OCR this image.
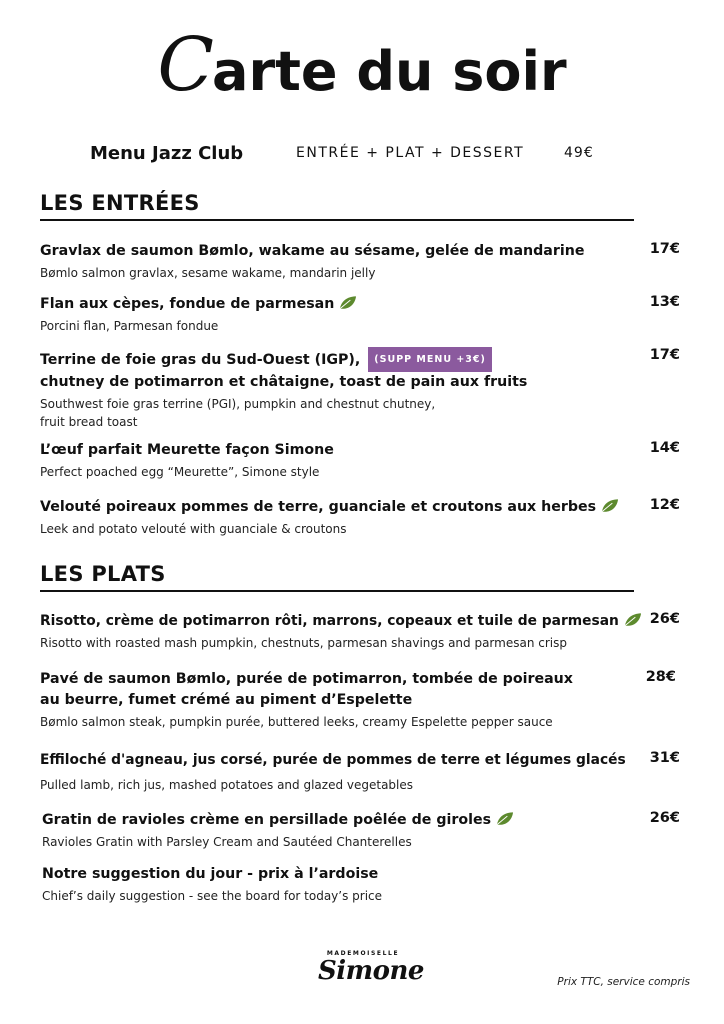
Carte du soir
Menu Jazz Club	ENTRÉE + PLAT + DESSERT	49€
LES ENTRÉES
Gravlax de saumon Bømlo, wakame au sésame, gelée de mandarine
Bømlo salmon gravlax, sesame wakame, mandarin jelly
17€
Flan aux cèpes, fondue de parmesan
Porcini flan, Parmesan fondue
13€
Terrine de foie gras du Sud-Ouest (IGP), (SUPP MENU +3€)
chutney de potimarron et châtaigne, toast de pain aux fruits
Southwest foie gras terrine (PGI), pumpkin and chestnut chutney,
fruit bread toast
17€
L’œuf parfait Meurette façon Simone
Perfect poached egg “Meurette”, Simone style
14€
Velouté poireaux pommes de terre, guanciale et croutons aux herbes
Leek and potato velouté with guanciale & croutons
12€
LES PLATS
Risotto, crème de potimarron rôti, marrons, copeaux et tuile de parmesan
Risotto with roasted mash pumpkin, chestnuts, parmesan shavings and parmesan crisp
26€
Pavé de saumon Bømlo, purée de potimarron, tombée de poireaux
au beurre, fumet crémé au piment d’Espelette
Bømlo salmon steak, pumpkin purée, buttered leeks, creamy Espelette pepper sauce
28€
Effiloché d'agneau, jus corsé, purée de pommes de terre et légumes glacés
Pulled lamb, rich jus, mashed potatoes and glazed vegetables
31€
Gratin de ravioles crème en persillade poêlée de giroles
Ravioles Gratin with Parsley Cream and Sautéed Chanterelles
26€
Notre suggestion du jour - prix à l’ardoise
Chief’s daily suggestion - see the board for today’s price
MADEMOISELLE
Simone	Prix TTC, service compris
